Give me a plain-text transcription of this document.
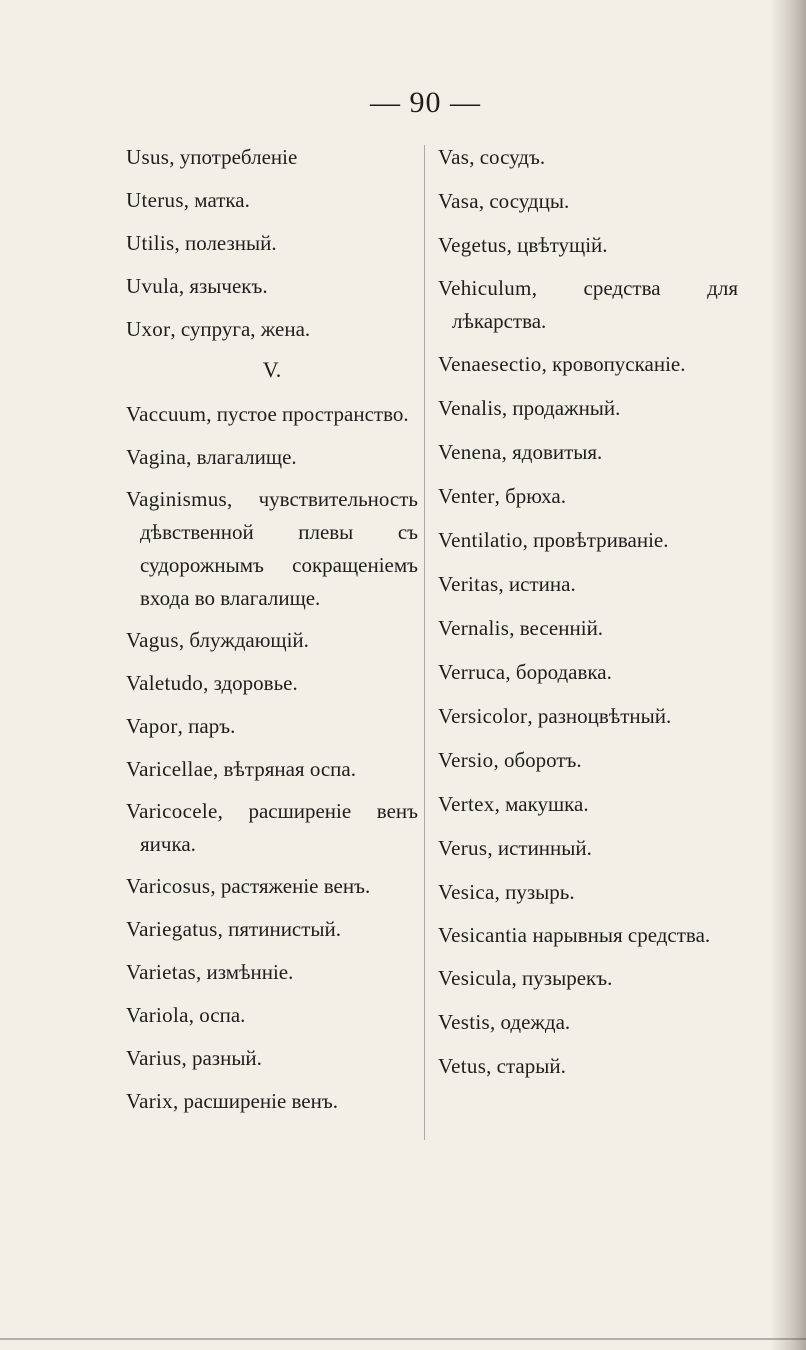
— 90 —
Usus, употребленіе
Uterus, матка.
Utilis, полезный.
Uvula, язычекъ.
Uxor, супруга, жена.
V.
Vaccuum, пустое пространство.
Vagina, влагалище.
Vaginismus, чувствительность дѣвственной плевы съ судорожнымъ сокращеніемъ входа во влагалище.
Vagus, блуждающій.
Valetudo, здоровье.
Vapor, паръ.
Varicellae, вѣтряная оспа.
Varicocele, расширеніе венъ яичка.
Varicosus, растяженіе венъ.
Variegatus, пятинистый.
Varietas, измѣнніе.
Variola, оспа.
Varius, разный.
Varix, расширеніе венъ.
Vas, сосудъ.
Vasa, сосудцы.
Vegetus, цвѣтущій.
Vehiculum, средства для лѣкарства.
Venaesectio, кровопусканіе.
Venalis, продажный.
Venena, ядовитыя.
Venter, брюха.
Ventilatio, провѣтриваніе.
Veritas, истина.
Vernalis, весенній.
Verruca, бородавка.
Versicolor, разноцвѣтный.
Versio, оборотъ.
Vertex, макушка.
Verus, истинный.
Vesica, пузырь.
Vesicantia нарывныя средства.
Vesicula, пузырекъ.
Vestis, одежда.
Vetus, старый.
